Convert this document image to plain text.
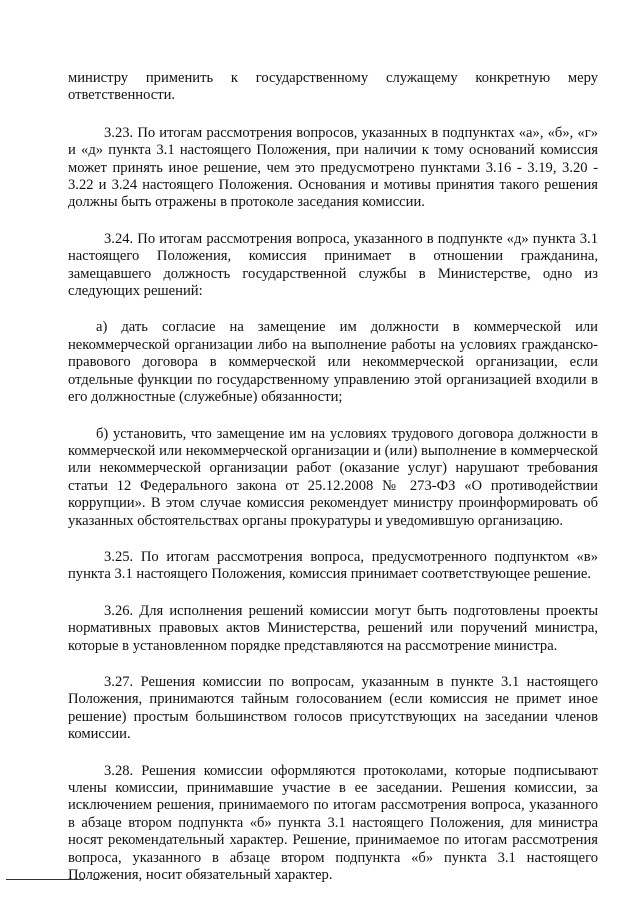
министру применить к государственному служащему конкретную меру ответственности.

3.23. По итогам рассмотрения вопросов, указанных в подпунктах «а», «б», «г» и «д» пункта 3.1 настоящего Положения, при наличии к тому оснований комиссия может принять иное решение, чем это предусмотрено пунктами 3.16 - 3.19, 3.20 - 3.22 и 3.24 настоящего Положения. Основания и мотивы принятия такого решения должны быть отражены в протоколе заседания комиссии.

3.24. По итогам рассмотрения вопроса, указанного в подпункте «д» пункта 3.1 настоящего Положения, комиссия принимает в отношении гражданина, замещавшего должность государственной службы в Министерстве, одно из следующих решений:

а) дать согласие на замещение им должности в коммерческой или некоммерческой организации либо на выполнение работы на условиях гражданско-правового договора в коммерческой или некоммерческой организации, если отдельные функции по государственному управлению этой организацией входили в его должностные (служебные) обязанности;

б) установить, что замещение им на условиях трудового договора должности в коммерческой или некоммерческой организации и (или) выполнение в коммерческой или некоммерческой организации работ (оказание услуг) нарушают требования статьи 12 Федерального закона от 25.12.2008 № 273-ФЗ «О противодействии коррупции». В этом случае комиссия рекомендует министру проинформировать об указанных обстоятельствах органы прокуратуры и уведомившую организацию.

3.25. По итогам рассмотрения вопроса, предусмотренного подпунктом «в» пункта 3.1 настоящего Положения, комиссия принимает соответствующее решение.

3.26. Для исполнения решений комиссии могут быть подготовлены проекты нормативных правовых актов Министерства, решений или поручений министра, которые в установленном порядке представляются на рассмотрение министра.

3.27. Решения комиссии по вопросам, указанным в пункте 3.1 настоящего Положения, принимаются тайным голосованием (если комиссия не примет иное решение) простым большинством голосов присутствующих на заседании членов комиссии.

3.28. Решения комиссии оформляются протоколами, которые подписывают члены комиссии, принимавшие участие в ее заседании. Решения комиссии, за исключением решения, принимаемого по итогам рассмотрения вопроса, указанного в абзаце втором подпункта «б» пункта 3.1 настоящего Положения, для министра носят рекомендательный характер. Решение, принимаемое по итогам рассмотрения вопроса, указанного в абзаце втором подпункта «б» пункта 3.1 настоящего Положения, носит обязательный характер.
